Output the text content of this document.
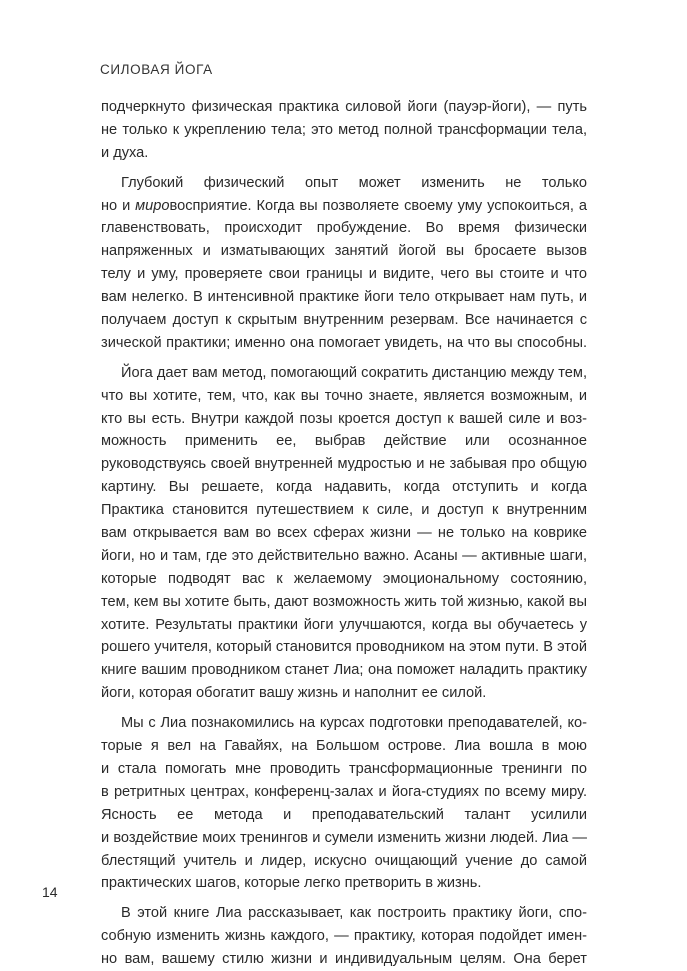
СИЛОВАЯ ЙОГА
подчеркнуто физическая практика силовой йоги (пауэр-йоги), — путь
не только к укреплению тела; это метод полной трансформации тела,
и духа.
Глубокий физический опыт может изменить не только
но и мировосприятие. Когда вы позволяете своему уму успокоиться, а
главенствовать, происходит пробуждение. Во время физически
напряженных и изматывающих занятий йогой вы бросаете вызов
телу и уму, проверяете свои границы и видите, чего вы стоите и что
вам нелегко. В интенсивной практике йоги тело открывает нам путь, и
получаем доступ к скрытым внутренним резервам. Все начинается с
зической практики; именно она помогает увидеть, на что вы способны.
Йога дает вам метод, помогающий сократить дистанцию между тем,
что вы хотите, тем, что, как вы точно знаете, является возможным, и
кто вы есть. Внутри каждой позы кроется доступ к вашей силе и воз-
можность применить ее, выбрав действие или осознанное
руководствуясь своей внутренней мудростью и не забывая про общую
картину. Вы решаете, когда надавить, когда отступить и когда
Практика становится путешествием к силе, и доступ к внутренним
вам открывается вам во всех сферах жизни — не только на коврике
йоги, но и там, где это действительно важно. Асаны — активные шаги,
которые подводят вас к желаемому эмоциональному состоянию,
тем, кем вы хотите быть, дают возможность жить той жизнью, какой вы
хотите. Результаты практики йоги улучшаются, когда вы обучаетесь у
рошего учителя, который становится проводником на этом пути. В этой
книге вашим проводником станет Лиа; она поможет наладить практику
йоги, которая обогатит вашу жизнь и наполнит ее силой.
Мы с Лиа познакомились на курсах подготовки преподавателей, ко-
торые я вел на Гавайях, на Большом острове. Лиа вошла в мою
и стала помогать мне проводить трансформационные тренинги по
в ретритных центрах, конференц-залах и йога-студиях по всему миру.
Ясность ее метода и преподавательский талант усилили
и воздействие моих тренингов и сумели изменить жизни людей. Лиа —
блестящий учитель и лидер, искусно очищающий учение до самой
практических шагов, которые легко претворить в жизнь.
В этой книге Лиа рассказывает, как построить практику йоги, спо-
собную изменить жизнь каждого, — практику, которая подойдет имен-
но вам, вашему стилю жизни и индивидуальным целям. Она берет
14
